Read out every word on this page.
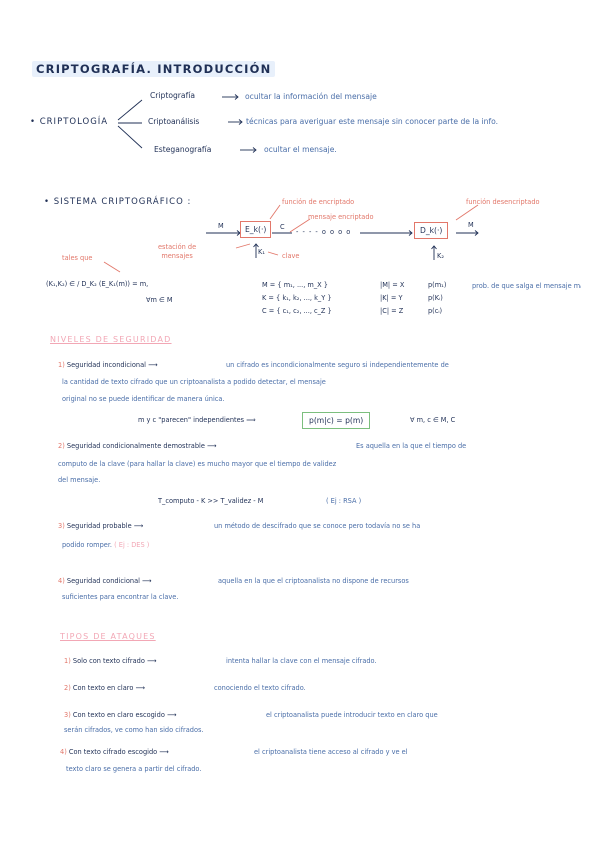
CRIPTOGRAFÍA. INTRODUCCIÓN
• CRIPTOLOGÍA
Criptografía	ocultar la información del mensaje
Criptoanálisis	técnicas para averiguar este mensaje sin conocer parte de la info.
Esteganografía	ocultar el mensaje.
• SISTEMA CRIPTOGRÁFICO :	función de encriptado
mensaje encriptado
función desencriptado
M	E_k(·)	C
- - - - o o o o	D_k(·)
M
K₁	K₂
estación de
mensajes	clave
tales que
(K₁,K₂) ∈ / D_K₂ (E_K₁(m)) = m,
∀m ∈ M
M = { m₁, ..., m_X }	|M| = X	p(m₁)	prob. de que salga el mensaje mᵢ
K = { k₁, k₂, ..., k_Y }	|K| = Y	p(Kᵢ)
C = { c₁, c₂, ..., c_Z }	|C| = Z	p(cᵢ)
NIVELES DE SEGURIDAD
1) Seguridad incondicional ⟶	un cifrado es incondicionalmente seguro si independientemente de
la cantidad de texto cifrado que un criptoanalista a podido detectar, el mensaje
original no se puede identificar de manera única.
m y c "parecen" independientes ⟹	p(m|c) = p(m)	∀ m, c ∈ M, C
2) Seguridad condicionalmente demostrable ⟶	Es aquella en la que el tiempo de
computo de la clave (para hallar la clave) es mucho mayor que el tiempo de validez
del mensaje.
T_computo - K >> T_validez - M	( Ej : RSA )
3) Seguridad probable ⟶	un método de descifrado que se conoce pero todavía no se ha
podido romper. ( Ej : DES )
4) Seguridad condicional ⟶	aquella en la que el criptoanalista no dispone de recursos
suficientes para encontrar la clave.
TIPOS DE ATAQUES
1) Solo con texto cifrado ⟶	intenta hallar la clave con el mensaje cifrado.
2) Con texto en claro ⟶	conociendo el texto cifrado.
3) Con texto en claro escogido ⟶	el criptoanalista puede introducir texto en claro que
serán cifrados, ve como han sido cifrados.
4) Con texto cifrado escogido ⟶	el criptoanalista tiene acceso al cifrado y ve el
texto claro se genera a partir del cifrado.
